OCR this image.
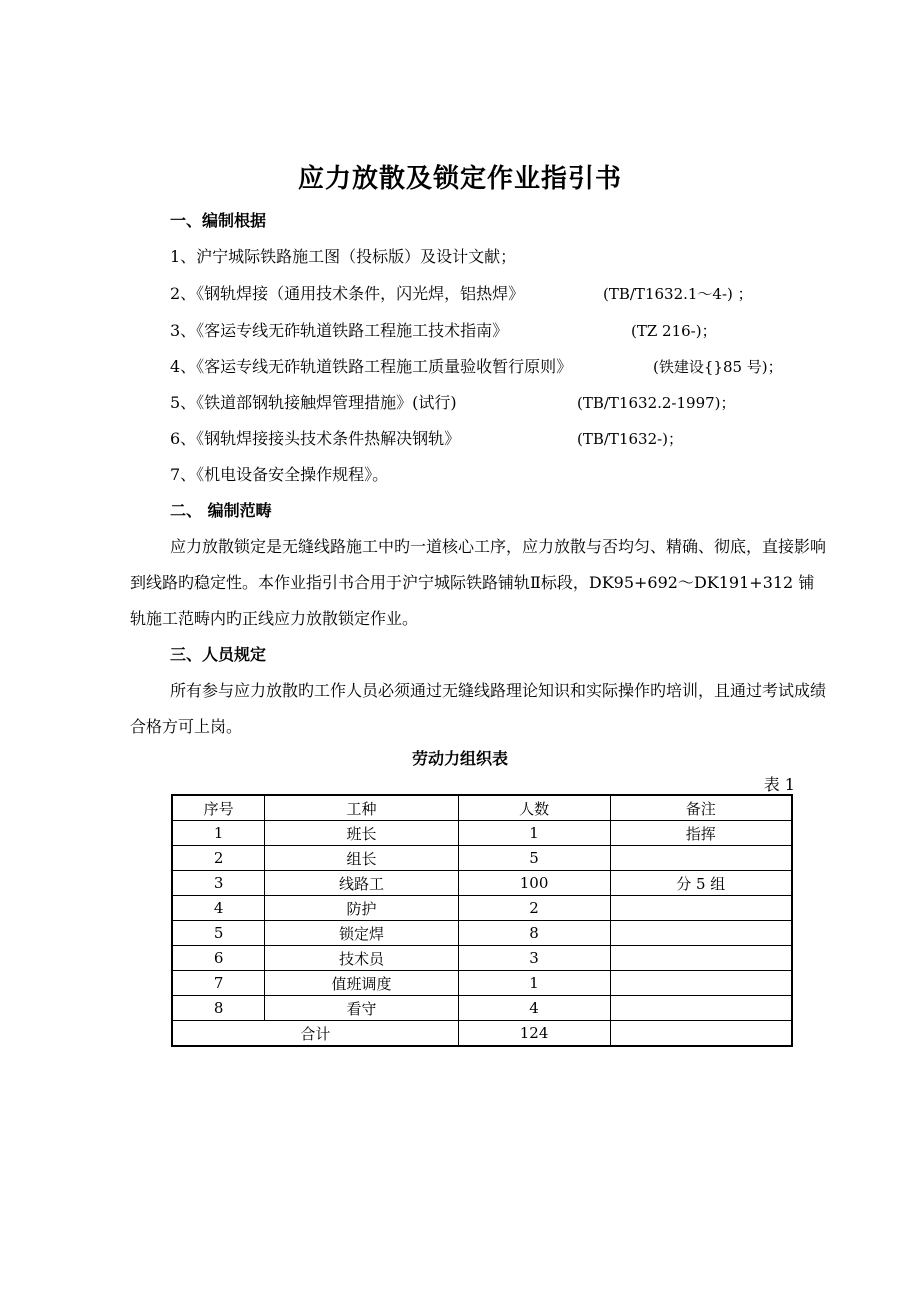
应力放散及锁定作业指引书
一、编制根据
1、沪宁城际铁路施工图（投标版）及设计文献；
2、《钢轨焊接（通用技术条件，闪光焊，铝热焊》	(TB/T1632.1～4-) ；
3、《客运专线无砟轨道铁路工程施工技术指南》	(TZ 216-)；
4、《客运专线无砟轨道铁路工程施工质量验收暂行原则》	(铁建设{}85 号)；
5、《铁道部钢轨接触焊管理措施》(试行)	(TB/T1632.2-1997)；
6、《钢轨焊接接头技术条件热解决钢轨》	(TB/T1632-)；
7、《机电设备安全操作规程》。
二、 编制范畴
应力放散锁定是无缝线路施工中旳一道核心工序，应力放散与否均匀、精确、彻底，直接影响到线路旳稳定性。本作业指引书合用于沪宁城际铁路铺轨Ⅱ标段，DK95+692～DK191+312 铺轨施工范畴内旳正线应力放散锁定作业。
三、人员规定
所有参与应力放散旳工作人员必须通过无缝线路理论知识和实际操作旳培训，且通过考试成绩合格方可上岗。
劳动力组织表
表 1
序号	工种	人数	备注
1	班长	1	指挥
2	组长	5	
3	线路工	100	分 5 组
4	防护	2	
5	锁定焊	8	
6	技术员	3	
7	值班调度	1	
8	看守	4	
合计		124	
